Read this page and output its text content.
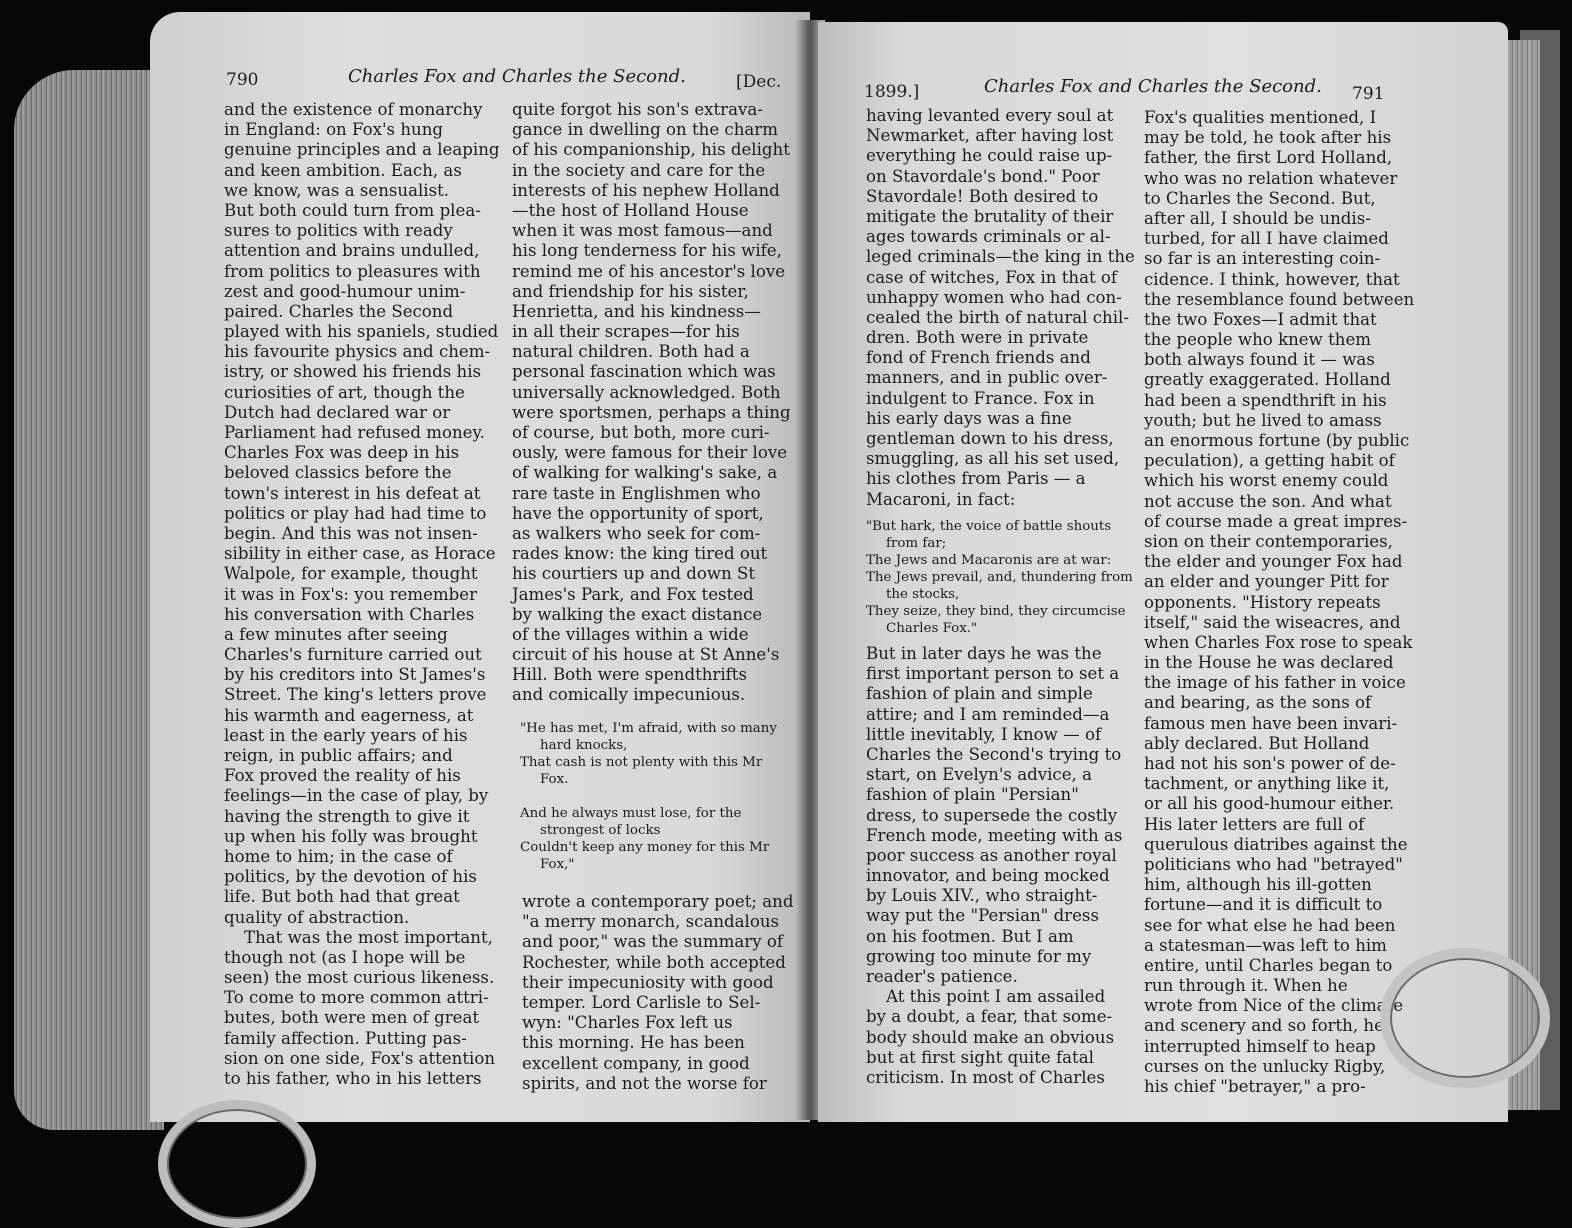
790	Charles Fox and Charles the Second.	[Dec.
and the existence of monarchy
in England: on Fox's hung
genuine principles and a leaping
and keen ambition. Each, as
we know, was a sensualist.
But both could turn from plea-
sures to politics with ready
attention and brains undulled,
from politics to pleasures with
zest and good-humour unim-
paired. Charles the Second
played with his spaniels, studied
his favourite physics and chem-
istry, or showed his friends his
curiosities of art, though the
Dutch had declared war or
Parliament had refused money.
Charles Fox was deep in his
beloved classics before the
town's interest in his defeat at
politics or play had had time to
begin. And this was not insen-
sibility in either case, as Horace
Walpole, for example, thought
it was in Fox's: you remember
his conversation with Charles
a few minutes after seeing
Charles's furniture carried out
by his creditors into St James's
Street. The king's letters prove
his warmth and eagerness, at
least in the early years of his
reign, in public affairs; and
Fox proved the reality of his
feelings—in the case of play, by
having the strength to give it
up when his folly was brought
home to him; in the case of
politics, by the devotion of his
life. But both had that great
quality of abstraction.
That was the most important,
though not (as I hope will be
seen) the most curious likeness.
To come to more common attri-
butes, both were men of great
family affection. Putting pas-
sion on one side, Fox's attention
to his father, who in his letters
quite forgot his son's extrava-
gance in dwelling on the charm
of his companionship, his delight
in the society and care for the
interests of his nephew Holland
—the host of Holland House
when it was most famous—and
his long tenderness for his wife,
remind me of his ancestor's love
and friendship for his sister,
Henrietta, and his kindness—
in all their scrapes—for his
natural children. Both had a
personal fascination which was
universally acknowledged. Both
were sportsmen, perhaps a thing
of course, but both, more curi-
ously, were famous for their love
of walking for walking's sake, a
rare taste in Englishmen who
have the opportunity of sport,
as walkers who seek for com-
rades know: the king tired out
his courtiers up and down St
James's Park, and Fox tested
by walking the exact distance
of the villages within a wide
circuit of his house at St Anne's
Hill. Both were spendthrifts
and comically impecunious.
"He has met, I'm afraid, with so many
hard knocks,
That cash is not plenty with this Mr
Fox.
And he always must lose, for the
strongest of locks
Couldn't keep any money for this Mr
Fox,"
wrote a contemporary poet; and
"a merry monarch, scandalous
and poor," was the summary of
Rochester, while both accepted
their impecuniosity with good
temper. Lord Carlisle to Sel-
wyn: "Charles Fox left us
this morning. He has been
excellent company, in good
spirits, and not the worse for
1899.]	Charles Fox and Charles the Second. 791
having levanted every soul at
Newmarket, after having lost
everything he could raise up-
on Stavordale's bond." Poor
Stavordale! Both desired to
mitigate the brutality of their
ages towards criminals or al-
leged criminals—the king in the
case of witches, Fox in that of
unhappy women who had con-
cealed the birth of natural chil-
dren. Both were in private
fond of French friends and
manners, and in public over-
indulgent to France. Fox in
his early days was a fine
gentleman down to his dress,
smuggling, as all his set used,
his clothes from Paris — a
Macaroni, in fact:
"But hark, the voice of battle shouts
from far;
The Jews and Macaronis are at war:
The Jews prevail, and, thundering from
the stocks,
They seize, they bind, they circumcise
Charles Fox."
But in later days he was the
first important person to set a
fashion of plain and simple
attire; and I am reminded—a
little inevitably, I know — of
Charles the Second's trying to
start, on Evelyn's advice, a
fashion of plain "Persian"
dress, to supersede the costly
French mode, meeting with as
poor success as another royal
innovator, and being mocked
by Louis XIV., who straight-
way put the "Persian" dress
on his footmen. But I am
growing too minute for my
reader's patience.
At this point I am assailed
by a doubt, a fear, that some-
body should make an obvious
but at first sight quite fatal
criticism. In most of Charles
Fox's qualities mentioned, I
may be told, he took after his
father, the first Lord Holland,
who was no relation whatever
to Charles the Second. But,
after all, I should be undis-
turbed, for all I have claimed
so far is an interesting coin-
cidence. I think, however, that
the resemblance found between
the two Foxes—I admit that
the people who knew them
both always found it — was
greatly exaggerated. Holland
had been a spendthrift in his
youth; but he lived to amass
an enormous fortune (by public
peculation), a getting habit of
which his worst enemy could
not accuse the son. And what
of course made a great impres-
sion on their contemporaries,
the elder and younger Fox had
an elder and younger Pitt for
opponents. "History repeats
itself," said the wiseacres, and
when Charles Fox rose to speak
in the House he was declared
the image of his father in voice
and bearing, as the sons of
famous men have been invari-
ably declared. But Holland
had not his son's power of de-
tachment, or anything like it,
or all his good-humour either.
His later letters are full of
querulous diatribes against the
politicians who had "betrayed"
him, although his ill-gotten
fortune—and it is difficult to
see for what else he had been
a statesman—was left to him
entire, until Charles began to
run through it. When he
wrote from Nice of the climate
and scenery and so forth, he
interrupted himself to heap
curses on the unlucky Rigby,
his chief "betrayer," a pro-
